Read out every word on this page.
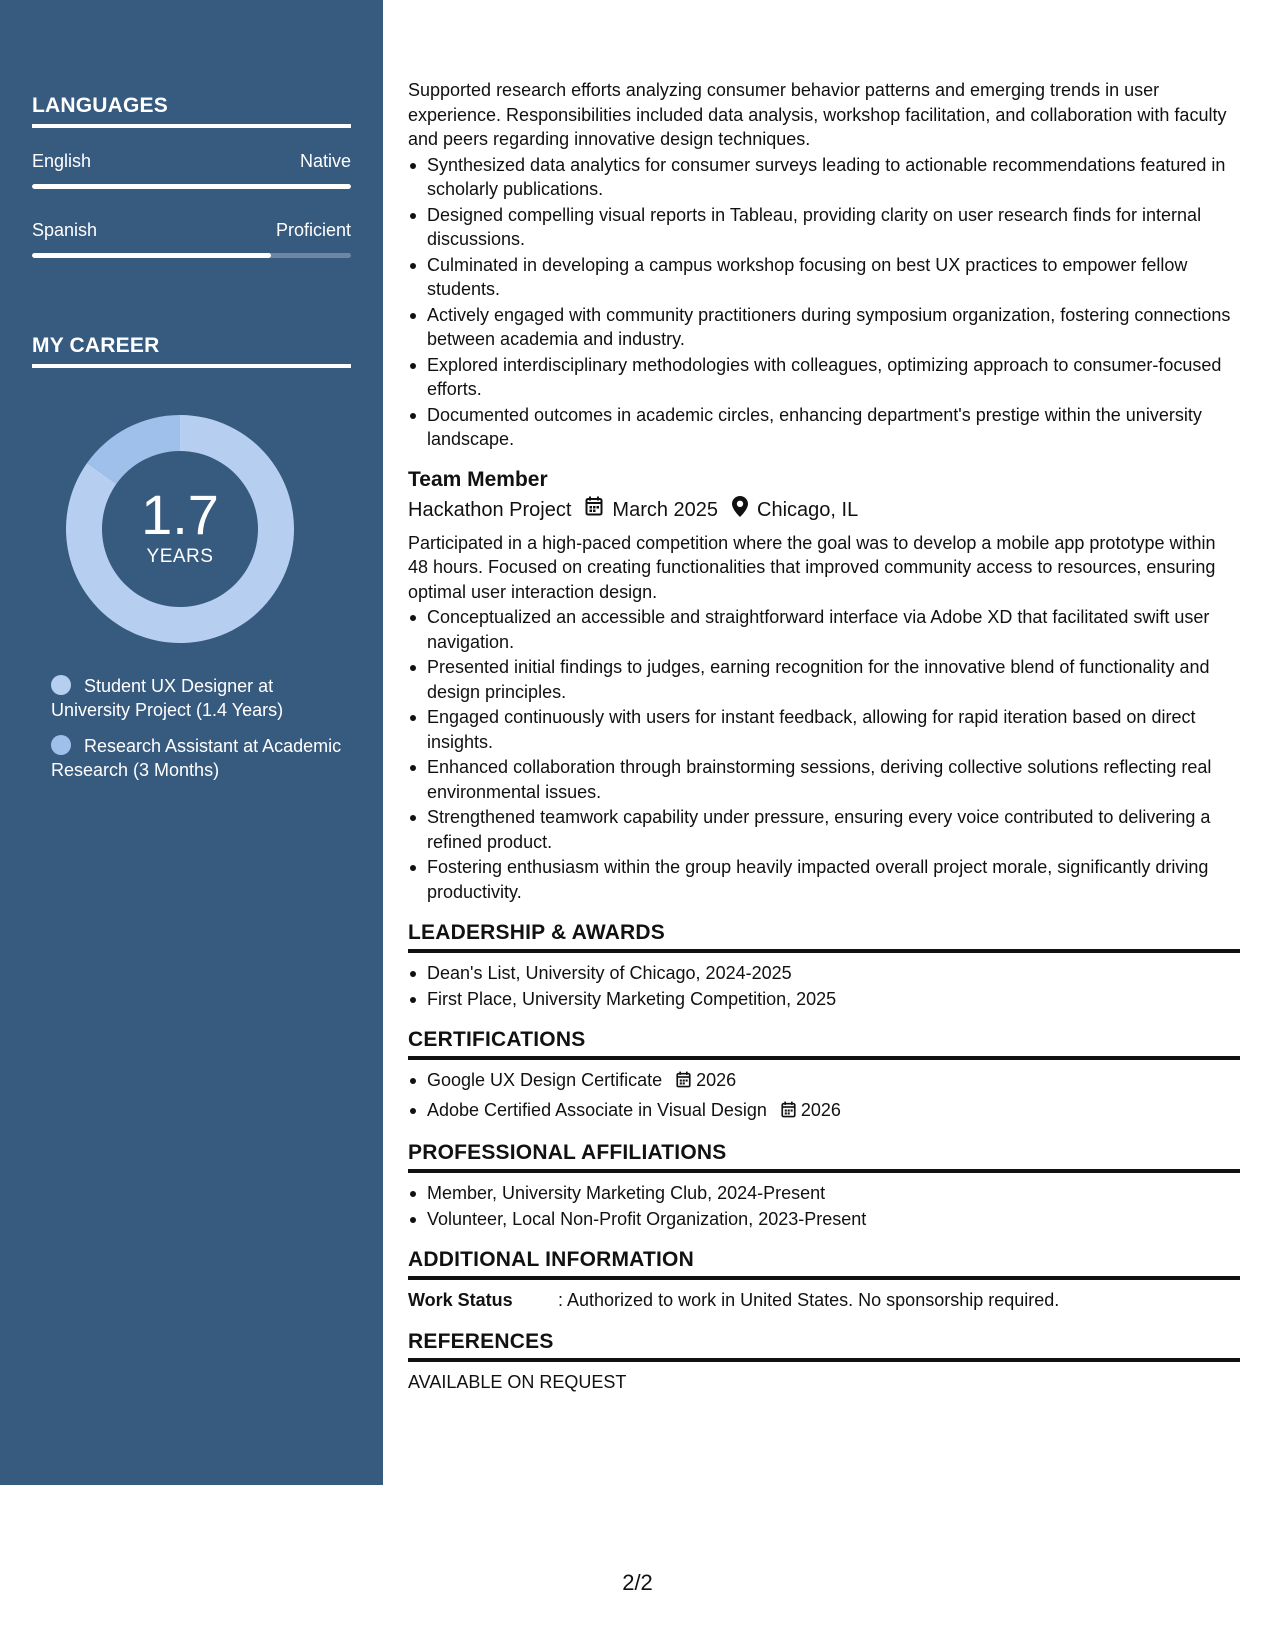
LANGUAGES
English	Native
Spanish	Proficient
MY CAREER
1.7
YEARS
Student UX Designer at University Project (1.4 Years)
Research Assistant at Academic Research (3 Months)

Supported research efforts analyzing consumer behavior patterns and emerging trends in user experience. Responsibilities included data analysis, workshop facilitation, and collaboration with faculty and peers regarding innovative design techniques.

Synthesized data analytics for consumer surveys leading to actionable recommendations featured in scholarly publications.
Designed compelling visual reports in Tableau, providing clarity on user research finds for internal discussions.
Culminated in developing a campus workshop focusing on best UX practices to empower fellow students.
Actively engaged with community practitioners during symposium organization, fostering connections between academia and industry.
Explored interdisciplinary methodologies with colleagues, optimizing approach to consumer-focused efforts.
Documented outcomes in academic circles, enhancing department's prestige within the university landscape.
Team Member
Hackathon Project March 2025 Chicago, IL

Participated in a high-paced competition where the goal was to develop a mobile app prototype within 48 hours. Focused on creating functionalities that improved community access to resources, ensuring optimal user interaction design.

Conceptualized an accessible and straightforward interface via Adobe XD that facilitated swift user navigation.
Presented initial findings to judges, earning recognition for the innovative blend of functionality and design principles.
Engaged continuously with users for instant feedback, allowing for rapid iteration based on direct insights.
Enhanced collaboration through brainstorming sessions, deriving collective solutions reflecting real environmental issues.
Strengthened teamwork capability under pressure, ensuring every voice contributed to delivering a refined product.
Fostering enthusiasm within the group heavily impacted overall project morale, significantly driving productivity.
LEADERSHIP & AWARDS
Dean's List, University of Chicago, 2024-2025
First Place, University Marketing Competition, 2025
CERTIFICATIONS
Google UX Design Certificate 2026
Adobe Certified Associate in Visual Design 2026
PROFESSIONAL AFFILIATIONS
Member, University Marketing Club, 2024-Present
Volunteer, Local Non-Profit Organization, 2023-Present
ADDITIONAL INFORMATION
Work Status	: Authorized to work in United States. No sponsorship required.
REFERENCES
AVAILABLE ON REQUEST
2/2
